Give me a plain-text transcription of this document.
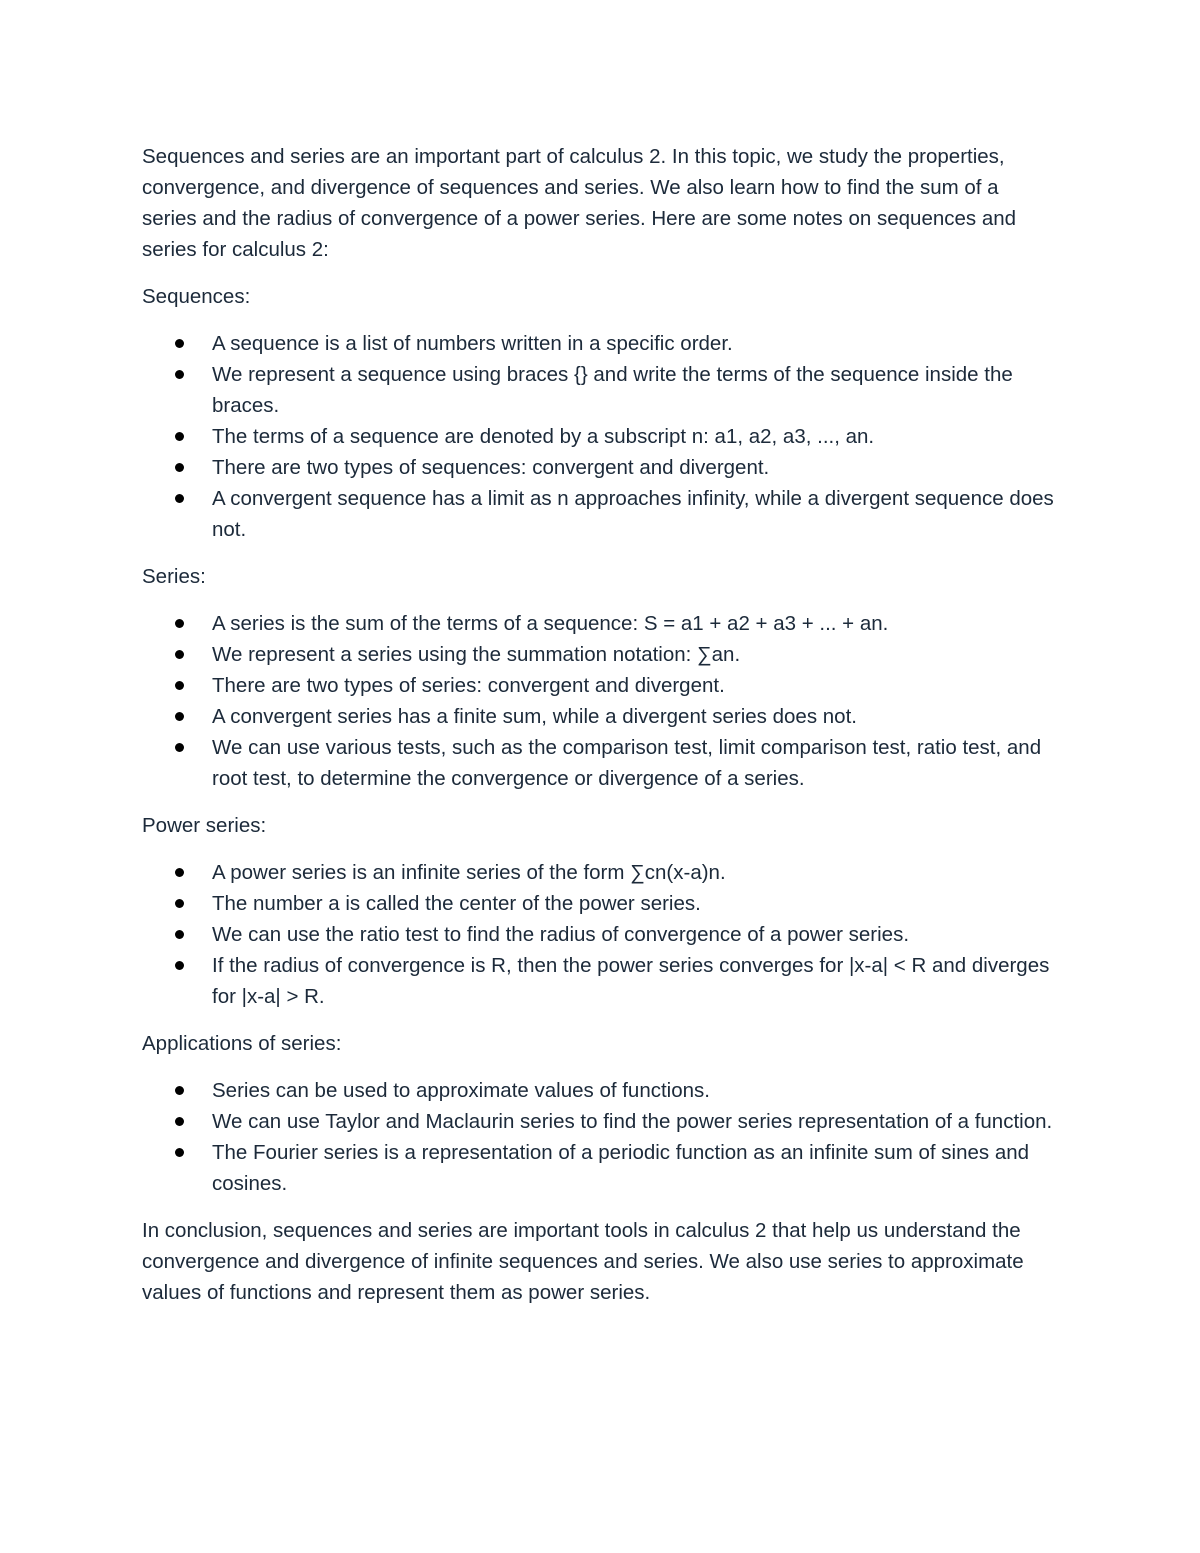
Sequences and series are an important part of calculus 2. In this topic, we study the properties, convergence, and divergence of sequences and series. We also learn how to find the sum of a series and the radius of convergence of a power series. Here are some notes on sequences and series for calculus 2:

Sequences:

A sequence is a list of numbers written in a specific order.
We represent a sequence using braces {} and write the terms of the sequence inside the braces.
The terms of a sequence are denoted by a subscript n: a1, a2, a3, ..., an.
There are two types of sequences: convergent and divergent.
A convergent sequence has a limit as n approaches infinity, while a divergent sequence does not.

Series:

A series is the sum of the terms of a sequence: S = a1 + a2 + a3 + ... + an.
We represent a series using the summation notation: ∑an.
There are two types of series: convergent and divergent.
A convergent series has a finite sum, while a divergent series does not.
We can use various tests, such as the comparison test, limit comparison test, ratio test, and root test, to determine the convergence or divergence of a series.

Power series:

A power series is an infinite series of the form ∑cn(x-a)n.
The number a is called the center of the power series.
We can use the ratio test to find the radius of convergence of a power series.
If the radius of convergence is R, then the power series converges for |x-a| < R and diverges for |x-a| > R.

Applications of series:

Series can be used to approximate values of functions.
We can use Taylor and Maclaurin series to find the power series representation of a function.
The Fourier series is a representation of a periodic function as an infinite sum of sines and cosines.

In conclusion, sequences and series are important tools in calculus 2 that help us understand the convergence and divergence of infinite sequences and series. We also use series to approximate values of functions and represent them as power series.
